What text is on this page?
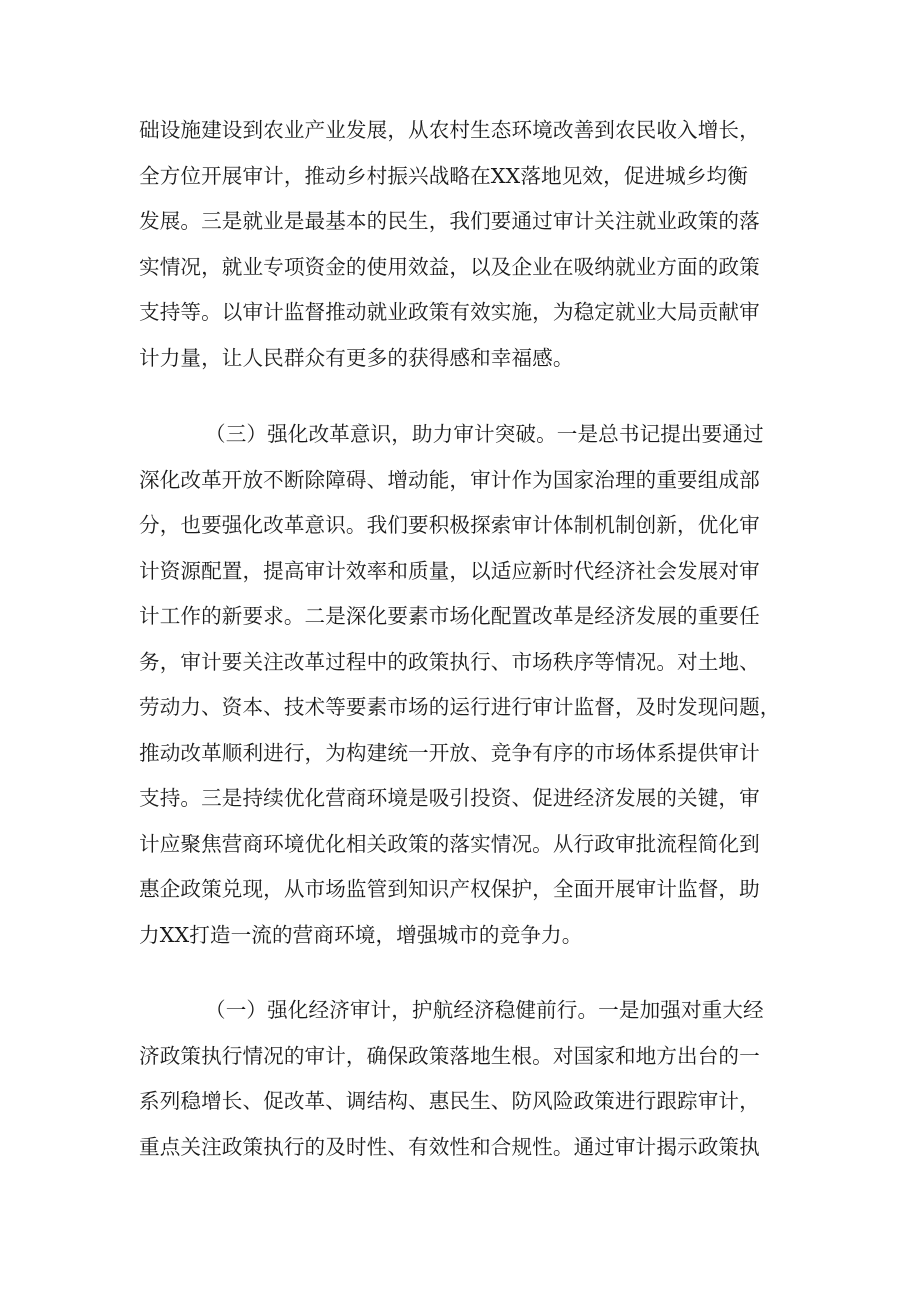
础设施建设到农业产业发展，从农村生态环境改善到农民收入增长，
全方位开展审计，推动乡村振兴战略在XX落地见效，促进城乡均衡
发展。三是就业是最基本的民生，我们要通过审计关注就业政策的落
实情况，就业专项资金的使用效益，以及企业在吸纳就业方面的政策
支持等。以审计监督推动就业政策有效实施，为稳定就业大局贡献审
计力量，让人民群众有更多的获得感和幸福感。
（三）强化改革意识，助力审计突破。一是总书记提出要通过
深化改革开放不断除障碍、增动能，审计作为国家治理的重要组成部
分，也要强化改革意识。我们要积极探索审计体制机制创新，优化审
计资源配置，提高审计效率和质量，以适应新时代经济社会发展对审
计工作的新要求。二是深化要素市场化配置改革是经济发展的重要任
务，审计要关注改革过程中的政策执行、市场秩序等情况。对土地、
劳动力、资本、技术等要素市场的运行进行审计监督，及时发现问题，
推动改革顺利进行，为构建统一开放、竞争有序的市场体系提供审计
支持。三是持续优化营商环境是吸引投资、促进经济发展的关键，审
计应聚焦营商环境优化相关政策的落实情况。从行政审批流程简化到
惠企政策兑现，从市场监管到知识产权保护，全面开展审计监督，助
力XX打造一流的营商环境，增强城市的竞争力。
（一）强化经济审计，护航经济稳健前行。一是加强对重大经
济政策执行情况的审计，确保政策落地生根。对国家和地方出台的一
系列稳增长、促改革、调结构、惠民生、防风险政策进行跟踪审计，
重点关注政策执行的及时性、有效性和合规性。通过审计揭示政策执
